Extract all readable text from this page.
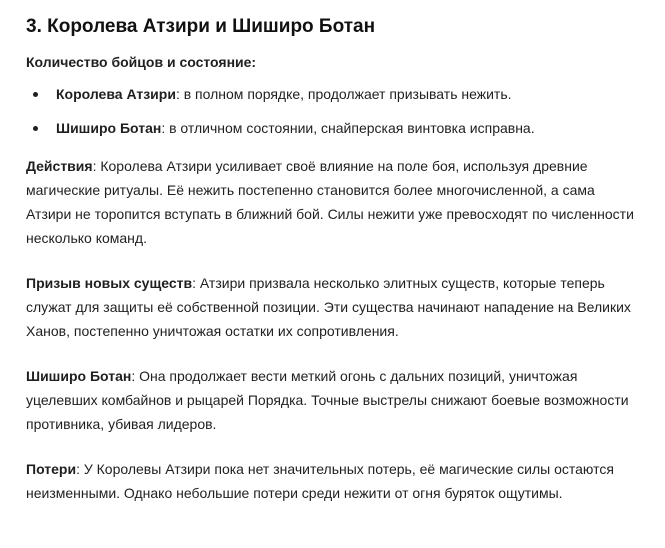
3. Королева Атзири и Шиширо Ботан

Количество бойцов и состояние:

Королева Атзири: в полном порядке, продолжает призывать нежить.
Шиширо Ботан: в отличном состоянии, снайперская винтовка исправна.

Действия: Королева Атзири усиливает своё влияние на поле боя, используя древние магические ритуалы. Её нежить постепенно становится более многочисленной, а сама Атзири не торопится вступать в ближний бой. Силы нежити уже превосходят по численности несколько команд.

Призыв новых существ: Атзири призвала несколько элитных существ, которые теперь служат для защиты её собственной позиции. Эти существа начинают нападение на Великих Ханов, постепенно уничтожая остатки их сопротивления.

Шиширо Ботан: Она продолжает вести меткий огонь с дальних позиций, уничтожая уцелевших комбайнов и рыцарей Порядка. Точные выстрелы снижают боевые возможности противника, убивая лидеров.

Потери: У Королевы Атзири пока нет значительных потерь, её магические силы остаются неизменными. Однако небольшие потери среди нежити от огня буряток ощутимы.
